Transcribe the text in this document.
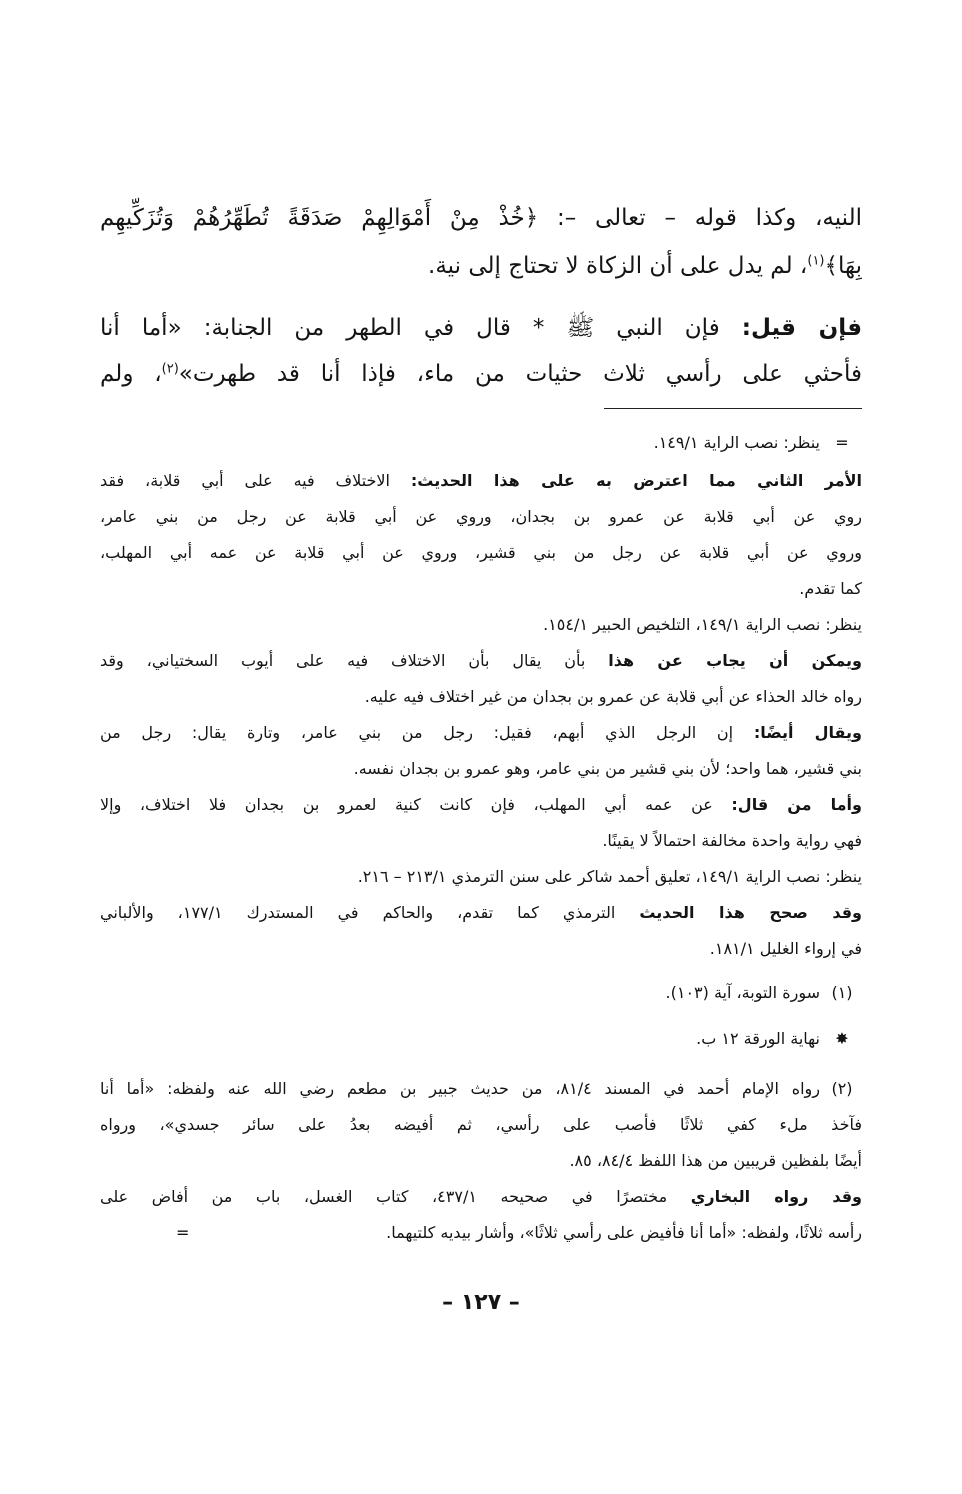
النيه، وكذا قوله – تعالى –: ﴿خُذْ مِنْ أَمْوَالِهِمْ صَدَقَةً تُطَهِّرُهُمْ وَتُزَكِّيهِم
بِهَا﴾$^{(١)}$، لم يدل على أن الزكاة لا تحتاج إلى نية.
فإن قيل: فإن النبي ﷺ * قال في الطهر من الجنابة: «أما أنا
فأحثي على رأسي ثلاث حثيات من ماء، فإذا أنا قد طهرت»$^{(٢)}$، ولم
=
ينظر: نصب الراية ١٤٩/١.
الأمر الثاني مما اعترض به على هذا الحديث: الاختلاف فيه على أبي قلابة، فقد
روي عن أبي قلابة عن عمرو بن بجدان، وروي عن أبي قلابة عن رجل من بني عامر،
وروي عن أبي قلابة عن رجل من بني قشير، وروي عن أبي قلابة عن عمه أبي المهلب،
كما تقدم.
ينظر: نصب الراية ١٤٩/١، التلخيص الحبير ١٥٤/١.
ويمكن أن يجاب عن هذا بأن يقال بأن الاختلاف فيه على أيوب السختياني، وقد
رواه خالد الحذاء عن أبي قلابة عن عمرو بن بجدان من غير اختلاف فيه عليه.
ويقال أيضًا: إن الرجل الذي أبهم، فقيل: رجل من بني عامر، وتارة يقال: رجل من
بني قشير، هما واحد؛ لأن بني قشير من بني عامر، وهو عمرو بن بجدان نفسه.
وأما من قال: عن عمه أبي المهلب، فإن كانت كنية لعمرو بن بجدان فلا اختلاف، وإلا
فهي رواية واحدة مخالفة احتمالاً لا يقينًا.
ينظر: نصب الراية ١٤٩/١، تعليق أحمد شاكر على سنن الترمذي ٢١٣/١ – ٢١٦.
وقد صحح هذا الحديث الترمذي كما تقدم، والحاكم في المستدرك ١٧٧/١، والألباني
في إرواء الغليل ١٨١/١.
(١)
سورة التوبة، آية (١٠٣).
✸
نهاية الورقة ١٢ ب.
(٢)
رواه الإمام أحمد في المسند ٨١/٤، من حديث جبير بن مطعم رضي الله عنه ولفظه: «أما أنا
فآخذ ملء كفي ثلاثًا فأصب على رأسي، ثم أفيضه بعدُ على سائر جسدي»، ورواه
أيضًا بلفظين قريبين من هذا اللفظ ٨٤/٤، ٨٥.
وقد رواه البخاري مختصرًا في صحيحه ٤٣٧/١، كتاب الغسل، باب من أفاض على
رأسه ثلاثًا، ولفظه: «أما أنا فأفيض على رأسي ثلاثًا»، وأشار بيديه كلتيهما.
=
– ١٢٧ –
